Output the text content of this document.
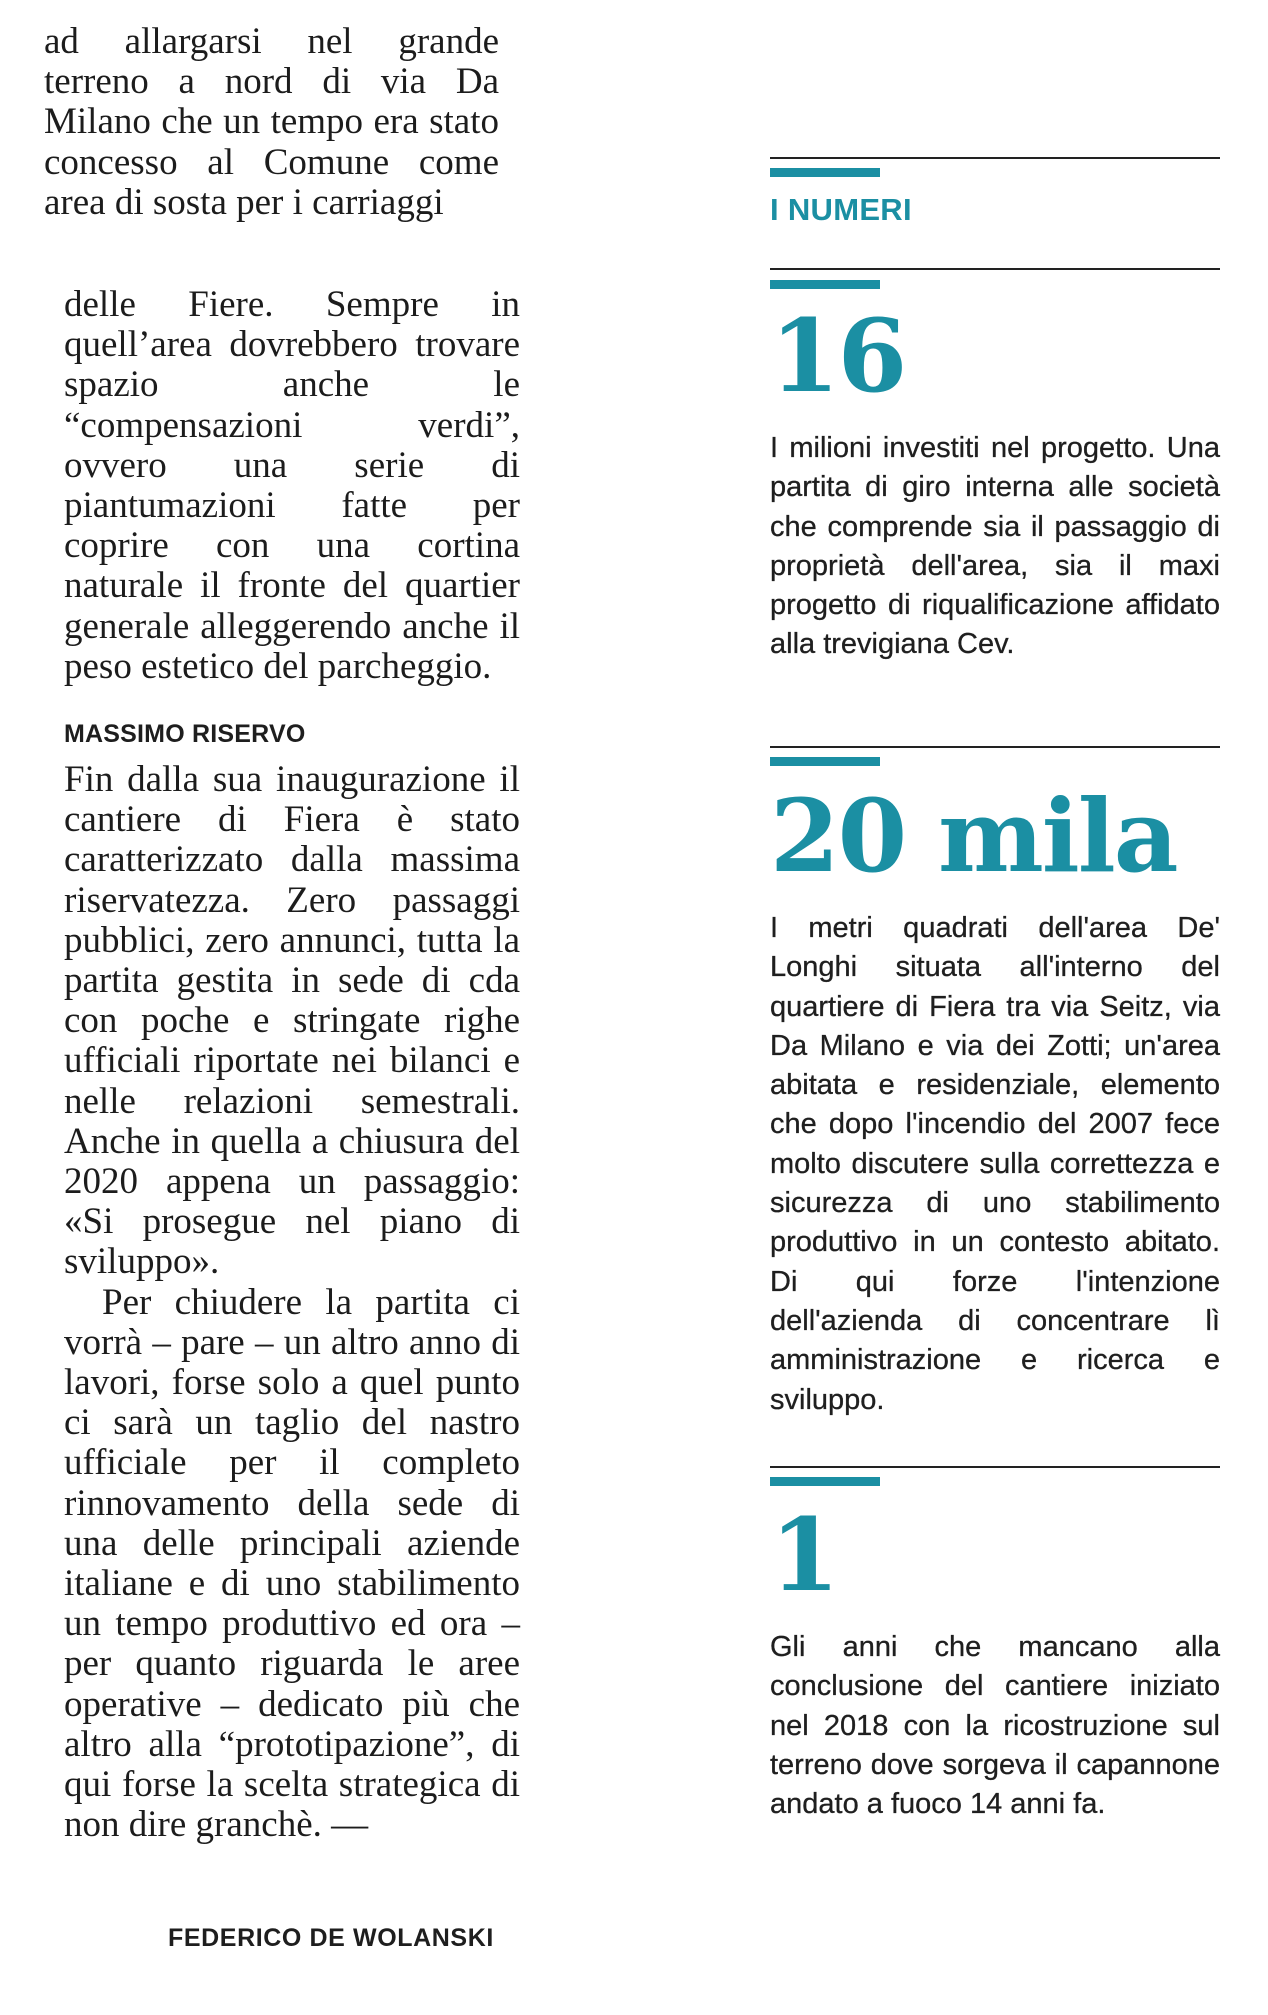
ad allargarsi nel grande terreno a nord di via Da Milano che un tempo era stato concesso al Comune come area di sosta per i carriaggi

delle Fiere. Sempre in quell’area dovrebbero trovare spazio anche le “compensazioni verdi”, ovvero una serie di piantumazioni fatte per coprire con una cortina naturale il fronte del quartier generale alleggerendo anche il peso estetico del parcheggio.

MASSIMO RISERVO

Fin dalla sua inaugurazione il cantiere di Fiera è stato caratterizzato dalla massima riservatezza. Zero passaggi pubblici, zero annunci, tutta la partita gestita in sede di cda con poche e stringate righe ufficiali riportate nei bilanci e nelle relazioni semestrali. Anche in quella a chiusura del 2020 appena un passaggio: «Si prosegue nel piano di sviluppo».

Per chiudere la partita ci vorrà – pare – un altro anno di lavori, forse solo a quel punto ci sarà un taglio del nastro ufficiale per il completo rinnovamento della sede di una delle principali aziende italiane e di uno stabilimento un tempo produttivo ed ora – per quanto riguarda le aree operative – dedicato più che altro alla “prototipazione”, di qui forse la scelta strategica di non dire granchè. —

FEDERICO DE WOLANSKI
I NUMERI
16
I milioni investiti nel progetto. Una partita di giro interna alle società che comprende sia il passaggio di proprietà dell'area, sia il maxi progetto di riqualificazione affidato alla trevigiana Cev.
20 mila
I metri quadrati dell'area De' Longhi situata all'interno del quartiere di Fiera tra via Seitz, via Da Milano e via dei Zotti; un'area abitata e residenziale, elemento che dopo l'incendio del 2007 fece molto discutere sulla correttezza e sicurezza di uno stabilimento produttivo in un contesto abitato. Di qui forze l'intenzione dell'azienda di concentrare lì amministrazione e ricerca e sviluppo.
1
Gli anni che mancano alla conclusione del cantiere iniziato nel 2018 con la ricostruzione sul terreno dove sorgeva il capannone andato a fuoco 14 anni fa.
